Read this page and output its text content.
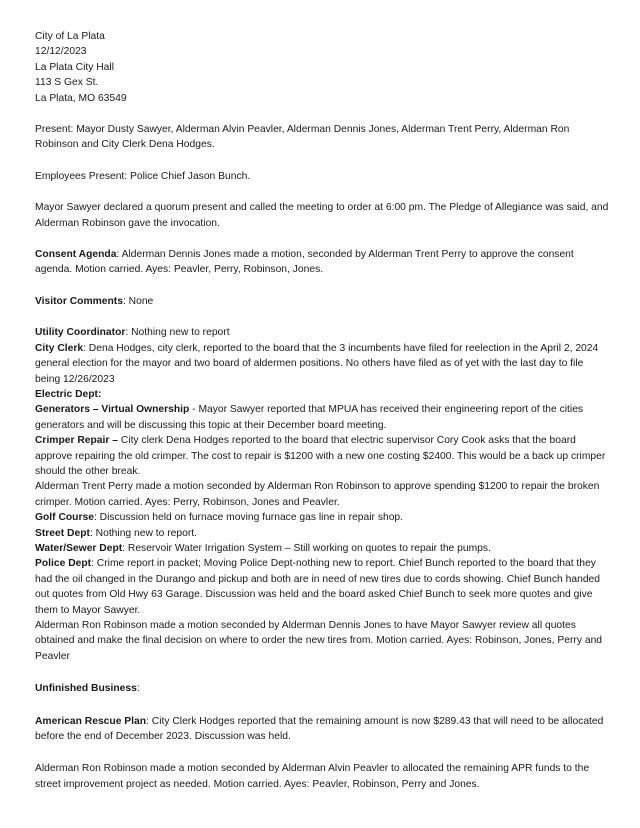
City of La Plata
12/12/2023
La Plata City Hall
113 S Gex St.
La Plata, MO 63549

Present: Mayor Dusty Sawyer, Alderman Alvin Peavler, Alderman Dennis Jones, Alderman Trent Perry, Alderman Ron Robinson and City Clerk Dena Hodges.

Employees Present: Police Chief Jason Bunch.

Mayor Sawyer declared a quorum present and called the meeting to order at 6:00 pm. The Pledge of Allegiance was said, and Alderman Robinson gave the invocation.

Consent Agenda: Alderman Dennis Jones made a motion, seconded by Alderman Trent Perry to approve the consent agenda. Motion carried. Ayes: Peavler, Perry, Robinson, Jones.

Visitor Comments: None

Utility Coordinator: Nothing new to report

City Clerk: Dena Hodges, city clerk, reported to the board that the 3 incumbents have filed for reelection in the April 2, 2024 general election for the mayor and two board of aldermen positions. No others have filed as of yet with the last day to file being 12/26/2023

Electric Dept:

Generators – Virtual Ownership - Mayor Sawyer reported that MPUA has received their engineering report of the cities generators and will be discussing this topic at their December board meeting.

Crimper Repair – City clerk Dena Hodges reported to the board that electric supervisor Cory Cook asks that the board approve repairing the old crimper. The cost to repair is $1200 with a new one costing $2400. This would be a back up crimper should the other break.

Alderman Trent Perry made a motion seconded by Alderman Ron Robinson to approve spending $1200 to repair the broken crimper. Motion carried. Ayes: Perry, Robinson, Jones and Peavler.

Golf Course: Discussion held on furnace moving furnace gas line in repair shop.

Street Dept: Nothing new to report.

Water/Sewer Dept: Reservoir Water Irrigation System – Still working on quotes to repair the pumps.

Police Dept: Crime report in packet; Moving Police Dept-nothing new to report. Chief Bunch reported to the board that they had the oil changed in the Durango and pickup and both are in need of new tires due to cords showing. Chief Bunch handed out quotes from Old Hwy 63 Garage. Discussion was held and the board asked Chief Bunch to seek more quotes and give them to Mayor Sawyer.

Alderman Ron Robinson made a motion seconded by Alderman Dennis Jones to have Mayor Sawyer review all quotes obtained and make the final decision on where to order the new tires from. Motion carried. Ayes: Robinson, Jones, Perry and Peavler

Unfinished Business:

American Rescue Plan: City Clerk Hodges reported that the remaining amount is now $289.43 that will need to be allocated before the end of December 2023. Discussion was held.

Alderman Ron Robinson made a motion seconded by Alderman Alvin Peavler to allocated the remaining APR funds to the street improvement project as needed. Motion carried. Ayes: Peavler, Robinson, Perry and Jones.
